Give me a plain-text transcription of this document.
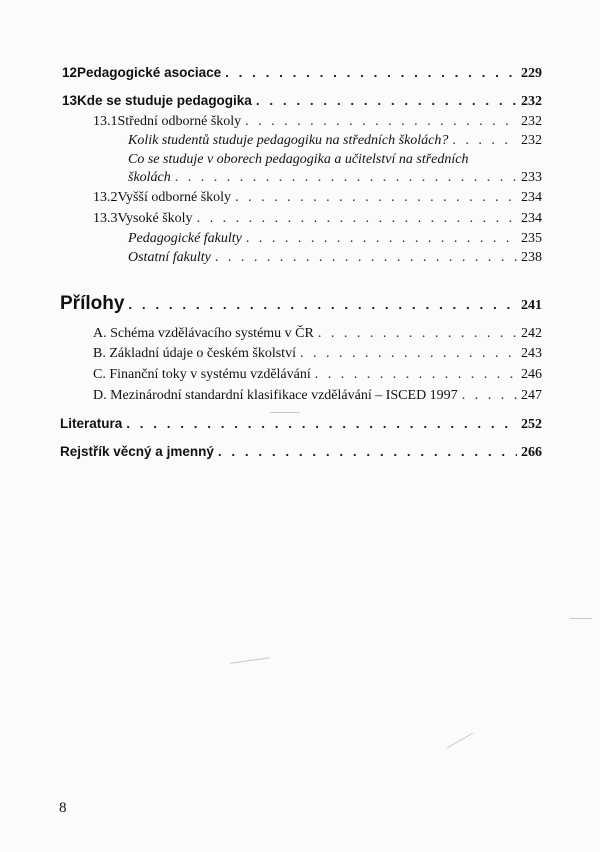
12 Pedagogické asociace . . .	229
13 Kde se studuje pedagogika . . .	232
13.1 Střední odborné školy . . .	232
Kolik studentů studuje pedagogiku na středních školách? . . .	232
Co se studuje v oborech pedagogika a učitelství na středních
školách . . .	233
13.2 Vyšší odborné školy . . .	234
13.3 Vysoké školy . . .	234
Pedagogické fakulty . . .	235
Ostatní fakulty . . .	238
Přílohy . . .	241
A. Schéma vzdělávacího systému v ČR . . .	242
B. Základní údaje o českém školství . . .	243
C. Finanční toky v systému vzdělávání . . .	246
D. Mezinárodní standardní klasifikace vzdělávání – ISCED 1997 . . .	247
Literatura . . .	252
Rejstřík věcný a jmenný . . .	266
8
